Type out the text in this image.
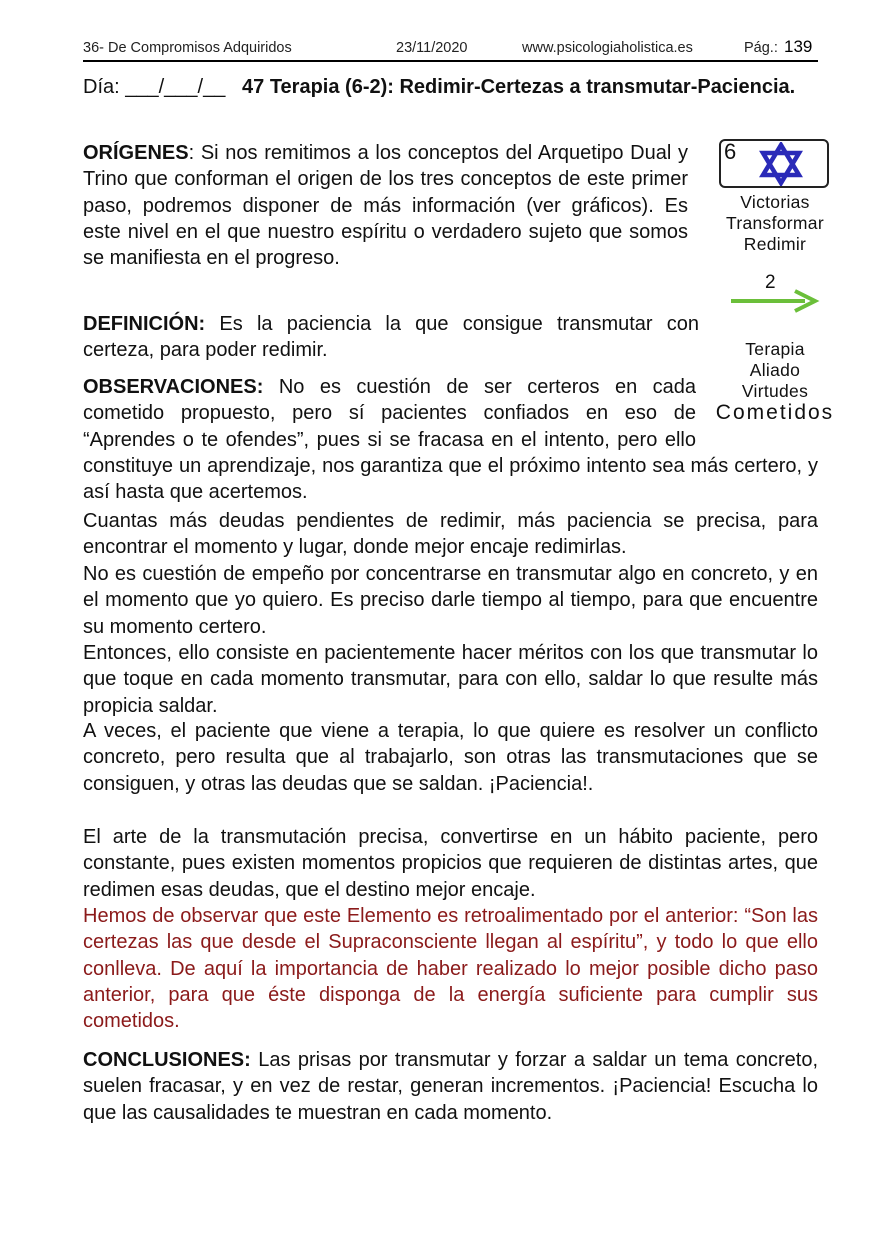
36- De Compromisos Adquiridos	23/11/2020	www.psicologiaholistica.es	Pág.: 139
Día: ___/___/__ 47 Terapia (6-2): Redimir-Certezas a transmutar-Paciencia.
6
Victorias
Transformar
Redimir
2
Terapia
Aliado
Virtudes
Cometidos

ORÍGENES: Si nos remitimos a los conceptos del Arquetipo Dual y Trino que conforman el origen de los tres conceptos de este primer paso, podremos disponer de más información (ver gráficos). Es este nivel en el que nuestro espíritu o verdadero sujeto que somos se manifiesta en el progreso.

DEFINICIÓN: Es la paciencia la que consigue transmutar con certeza, para poder redimir.

OBSERVACIONES: No es cuestión de ser certeros en cada cometido propuesto, pero sí pacientes confiados en eso de “Aprendes o te ofendes”, pues si se fracasa en el intento, pero ello constituye un aprendizaje, nos garantiza que el próximo intento sea más certero, y así hasta que acertemos.

Cuantas más deudas pendientes de redimir, más paciencia se precisa, para encontrar el momento y lugar, donde mejor encaje redimirlas.

No es cuestión de empeño por concentrarse en transmutar algo en concreto, y en el momento que yo quiero. Es preciso darle tiempo al tiempo, para que encuentre su momento certero.

Entonces, ello consiste en pacientemente hacer méritos con los que transmutar lo que toque en cada momento transmutar, para con ello, saldar lo que resulte más propicia saldar.

A veces, el paciente que viene a terapia, lo que quiere es resolver un conflicto concreto, pero resulta que al trabajarlo, son otras las transmutaciones que se consiguen, y otras las deudas que se saldan. ¡Paciencia!.

El arte de la transmutación precisa, convertirse en un hábito paciente, pero constante, pues existen momentos propicios que requieren de distintas artes, que redimen esas deudas, que el destino mejor encaje.

Hemos de observar que este Elemento es retroalimentado por el anterior: “Son las certezas las que desde el Supraconsciente llegan al espíritu”, y todo lo que ello conlleva. De aquí la importancia de haber realizado lo mejor posible dicho paso anterior, para que éste disponga de la energía suficiente para cumplir sus cometidos.

CONCLUSIONES: Las prisas por transmutar y forzar a saldar un tema concreto, suelen fracasar, y en vez de restar, generan incrementos. ¡Paciencia! Escucha lo que las causalidades te muestran en cada momento.
